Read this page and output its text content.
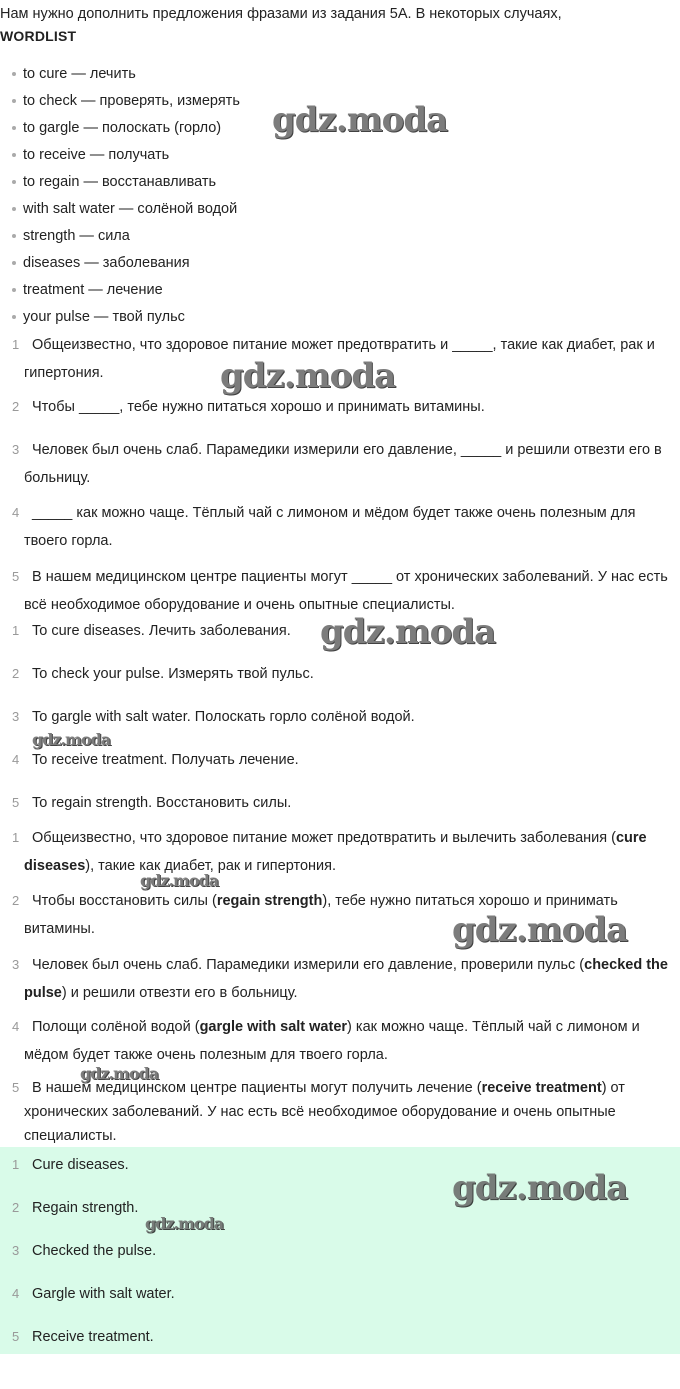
Нам нужно дополнить предложения фразами из задания 5А. В некоторых случаях,
WORDLIST
to cure — лечить
to check — проверять, измерять
to gargle — полоскать (горло)
to receive — получать
to regain — восстанавливать
with salt water — солёной водой
strength — сила
diseases — заболевания
treatment — лечение
your pulse — твой пульс
1 Общеизвестно, что здоровое питание может предотвратить и _____, такие как диабет, рак и гипертония.
2 Чтобы _____, тебе нужно питаться хорошо и принимать витамины.
3 Человек был очень слаб. Парамедики измерили его давление, _____ и решили отвезти его в больницу.
4 _____ как можно чаще. Тёплый чай с лимоном и мёдом будет также очень полезным для твоего горла.
5 В нашем медицинском центре пациенты могут _____ от хронических заболеваний. У нас есть всё необходимое оборудование и очень опытные специалисты.
1 To cure diseases. Лечить заболевания.
2 To check your pulse. Измерять твой пульс.
3 To gargle with salt water. Полоскать горло солёной водой.
4 To receive treatment. Получать лечение.
5 To regain strength. Восстановить силы.
1 Общеизвестно, что здоровое питание может предотвратить и вылечить заболевания (cure diseases), такие как диабет, рак и гипертония.
2 Чтобы восстановить силы (regain strength), тебе нужно питаться хорошо и принимать витамины.
3 Человек был очень слаб. Парамедики измерили его давление, проверили пульс (checked the pulse) и решили отвезти его в больницу.
4 Полощи солёной водой (gargle with salt water) как можно чаще. Тёплый чай с лимоном и мёдом будет также очень полезным для твоего горла.
5 В нашем медицинском центре пациенты могут получить лечение (receive treatment) от хронических заболеваний. У нас есть всё необходимое оборудование и очень опытные специалисты.
1 Cure diseases.
2 Regain strength.
3 Checked the pulse.
4 Gargle with salt water.
5 Receive treatment.
gdz.moda
gdz.moda
gdz.moda
gdz.moda
gdz.moda
gdz.moda
gdz.moda
gdz.moda
gdz.moda
